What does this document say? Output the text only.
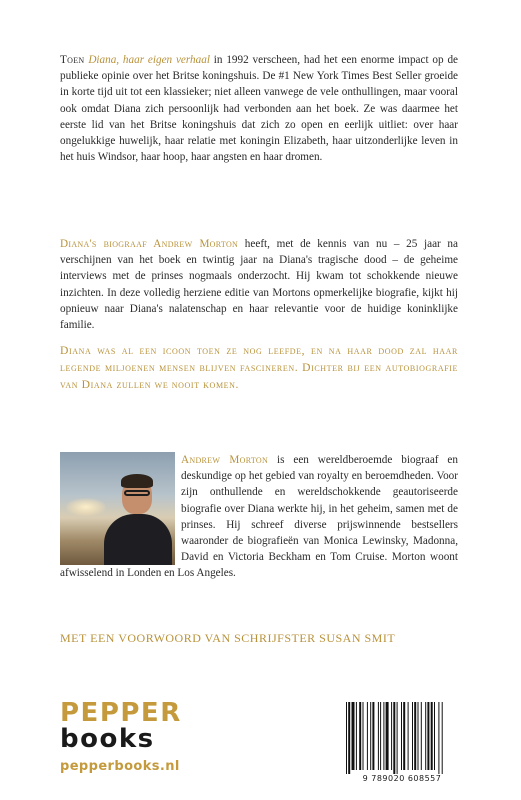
Toen Diana, haar eigen verhaal in 1992 verscheen, had het een enorme impact op de publieke opinie over het Britse koningshuis. De #1 New York Times Best Seller groeide in korte tijd uit tot een klassieker; niet alleen vanwege de vele onthullingen, maar vooral ook omdat Diana zich persoonlijk had verbonden aan het boek. Ze was daarmee het eerste lid van het Britse koningshuis dat zich zo open en eerlijk uitliet: over haar ongelukkige huwelijk, haar relatie met koningin Elizabeth, haar uitzonderlijke leven in het huis Windsor, haar hoop, haar angsten en haar dromen.

Diana's biograaf Andrew Morton heeft, met de kennis van nu – 25 jaar na verschijnen van het boek en twintig jaar na Diana's tragische dood – de geheime interviews met de prinses nogmaals onderzocht. Hij kwam tot schokkende nieuwe inzichten. In deze volledig herziene editie van Mortons opmerkelijke biografie, kijkt hij opnieuw naar Diana's nalatenschap en haar relevantie voor de huidige koninklijke familie.

Diana was al een icoon toen ze nog leefde, en na haar dood zal haar legende miljoenen mensen blijven fascineren. Dichter bij een autobiografie van Diana zullen we nooit komen.

Andrew Morton is een wereldberoemde biograaf en deskundige op het gebied van royalty en beroemdheden. Voor zijn onthullende en wereldschokkende geautoriseerde biografie over Diana werkte hij, in het geheim, samen met de prinses. Hij schreef diverse prijswinnende bestsellers waaronder de biografieën van Monica Lewinsky, Madonna, David en Victoria Beckham en Tom Cruise. Morton woont afwisselend in Londen en Los Angeles.

MET EEN VOORWOORD VAN SCHRIJFSTER SUSAN SMIT

PEPPER
books
pepperbooks.nl
9 789020 608557
